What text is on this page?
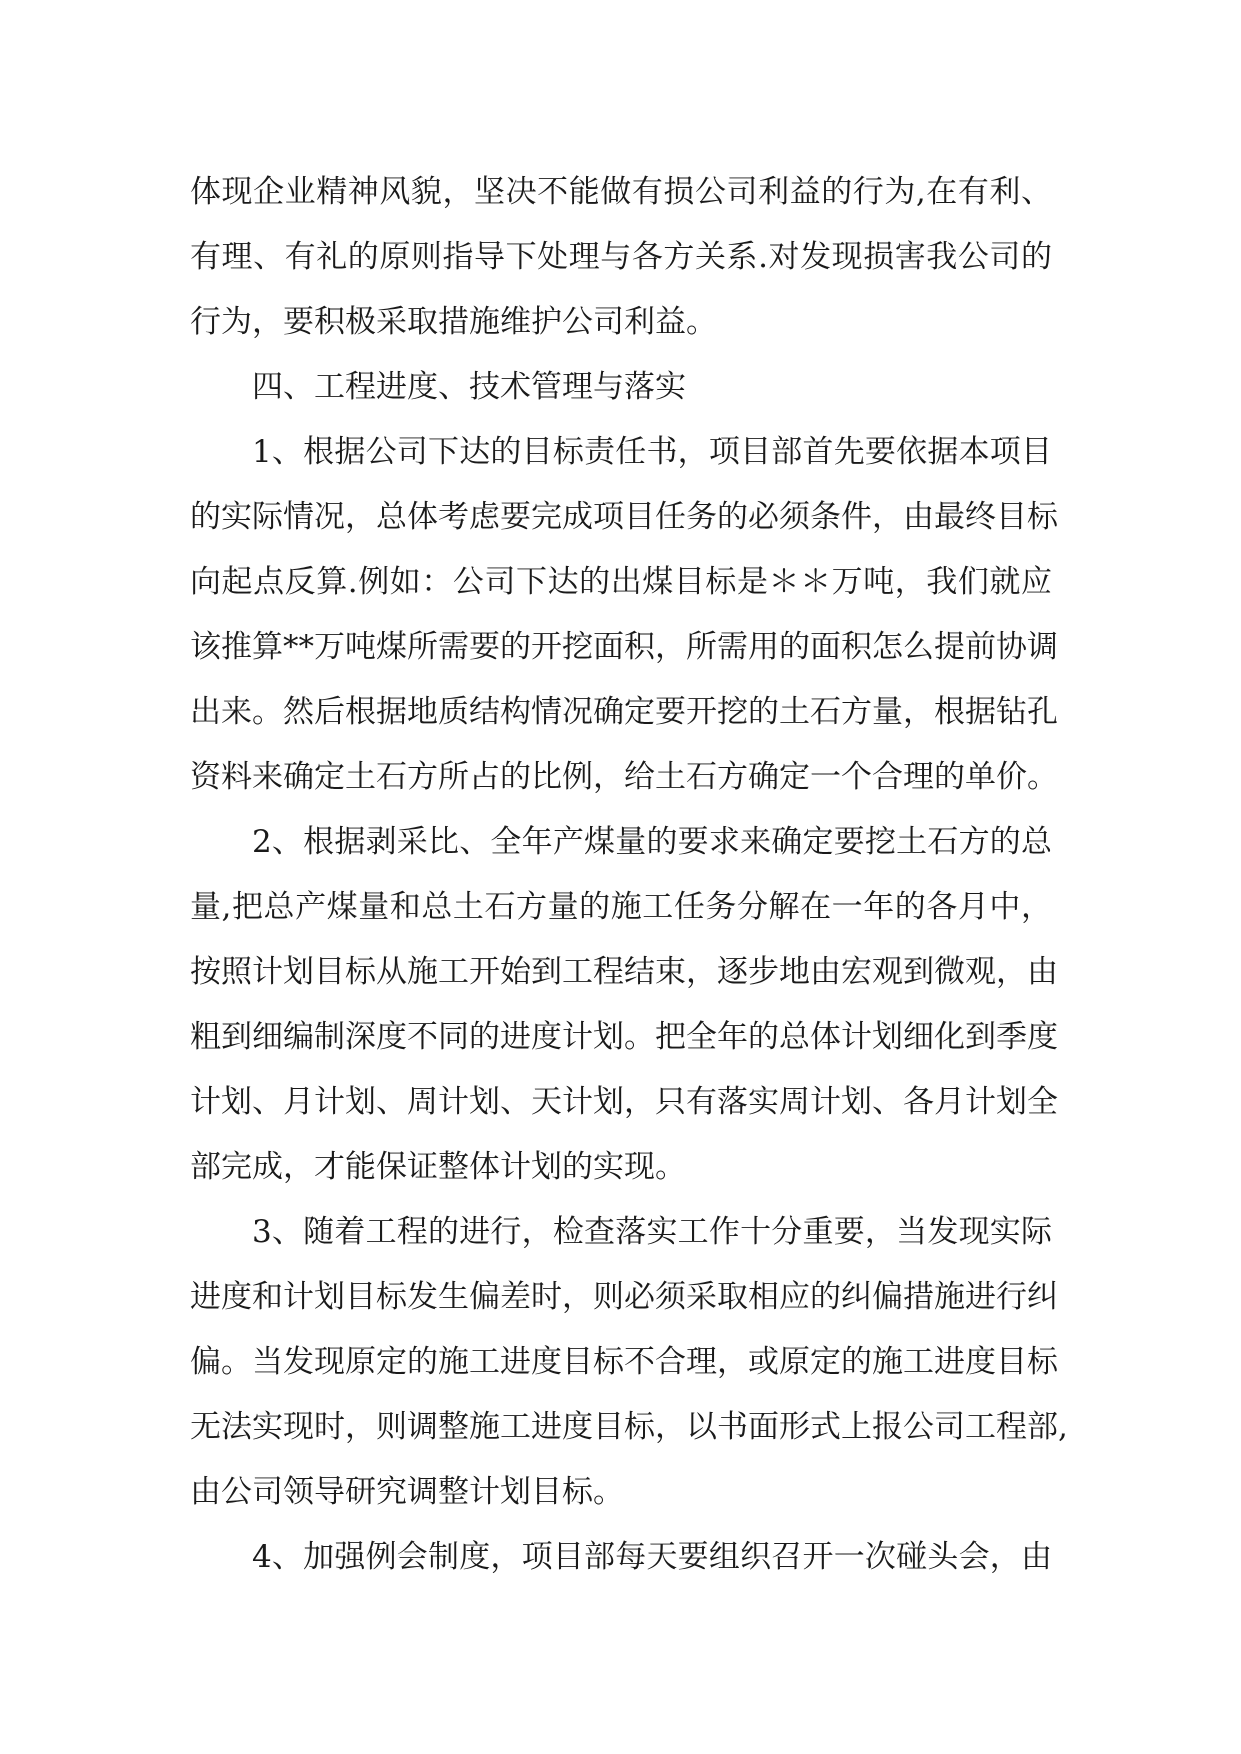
体现企业精神风貌，坚决不能做有损公司利益的行为,在有利、
有理、有礼的原则指导下处理与各方关系.对发现损害我公司的
行为，要积极采取措施维护公司利益。

四、工程进度、技术管理与落实

1、根据公司下达的目标责任书，项目部首先要依据本项目
的实际情况，总体考虑要完成项目任务的必须条件，由最终目标
向起点反算.例如：公司下达的出煤目标是＊＊万吨，我们就应
该推算**万吨煤所需要的开挖面积，所需用的面积怎么提前协调
出来。然后根据地质结构情况确定要开挖的土石方量，根据钻孔
资料来确定土石方所占的比例，给土石方确定一个合理的单价。

2、根据剥采比、全年产煤量的要求来确定要挖土石方的总
量,把总产煤量和总土石方量的施工任务分解在一年的各月中，
按照计划目标从施工开始到工程结束，逐步地由宏观到微观，由
粗到细编制深度不同的进度计划。把全年的总体计划细化到季度
计划、月计划、周计划、天计划，只有落实周计划、各月计划全
部完成，才能保证整体计划的实现。

3、随着工程的进行，检查落实工作十分重要，当发现实际
进度和计划目标发生偏差时，则必须采取相应的纠偏措施进行纠
偏。当发现原定的施工进度目标不合理，或原定的施工进度目标
无法实现时，则调整施工进度目标，以书面形式上报公司工程部,
由公司领导研究调整计划目标。

4、加强例会制度，项目部每天要组织召开一次碰头会，由
